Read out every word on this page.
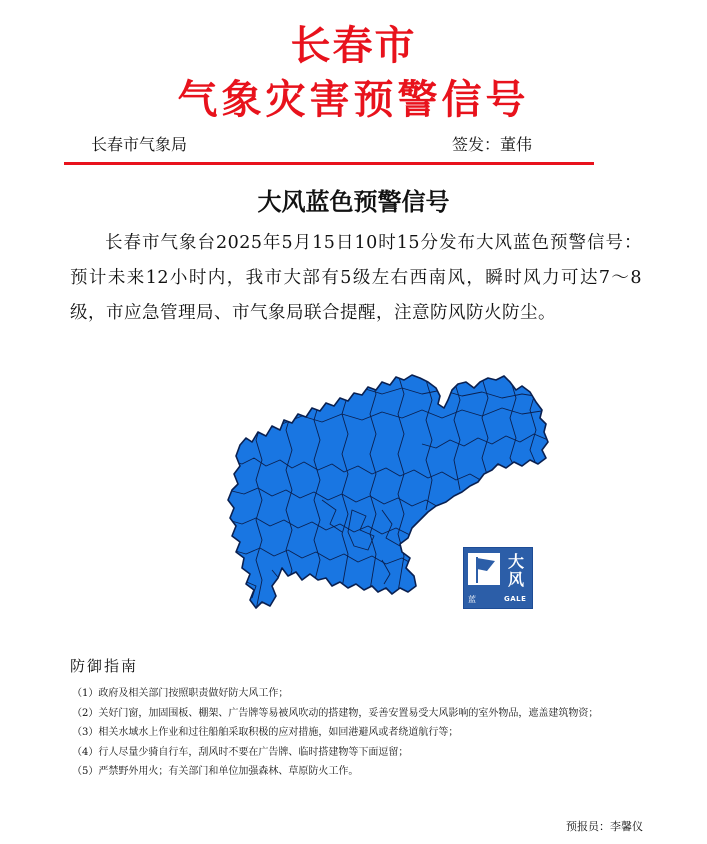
长春市
气象灾害预警信号
长春市气象局	签发：董伟
大风蓝色预警信号
长春市气象台2025年5月15日10时15分发布大风蓝色预警信号：预计未来12小时内，我市大部有5级左右西南风，瞬时风力可达7～8级，市应急管理局、市气象局联合提醒，注意防风防火防尘。
大
风
蓝	GALE
防御指南
（1）政府及相关部门按照职责做好防大风工作；
（2）关好门窗，加固围板、棚架、广告牌等易被风吹动的搭建物，妥善安置易受大风影响的室外物品，遮盖建筑物资；
（3）相关水域水上作业和过往船舶采取积极的应对措施，如回港避风或者绕道航行等；
（4）行人尽量少骑自行车，刮风时不要在广告牌、临时搭建物等下面逗留；
（5）严禁野外用火；有关部门和单位加强森林、草原防火工作。
预报员：李馨仪
